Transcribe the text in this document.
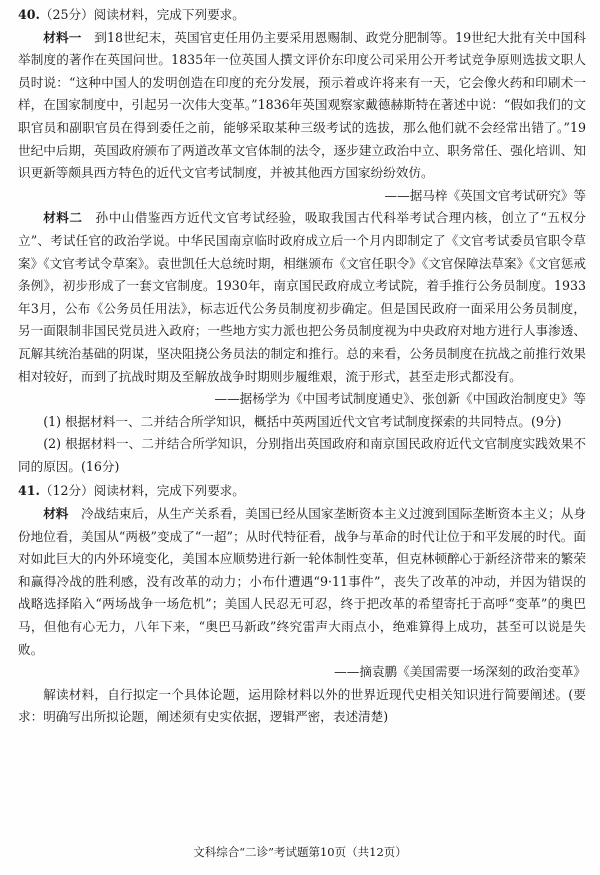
40.（25分）阅读材料，完成下列要求。

材料一　 到18世纪末，英国官吏任用仍主要采用恩赐制、政党分肥制等。19世纪大批有关中国科举制度的著作在英国问世。1835年一位英国人撰文评价东印度公司采用公开考试竞争原则选拔文职人员时说：“这种中国人的发明创造在印度的充分发展，预示着或许将来有一天，它会像火药和印刷术一样，在国家制度中，引起另一次伟大变革。”1836年英国观察家戴德赫斯特在著述中说：“假如我们的文职官员和副职官员在得到委任之前，能够采取某种三级考试的选拔，那么他们就不会经常出错了。”19世纪中后期，英国政府颁布了两道改革文官体制的法令，逐步建立政治中立、职务常任、强化培训、知识更新等颇具西方特色的近代文官考试制度，并被其他西方国家纷纷效仿。

——据马梓《英国文官考试研究》等

材料二　 孙中山借鉴西方近代文官考试经验，吸取我国古代科举考试合理内核，创立了“五权分立”、考试任官的政治学说。中华民国南京临时政府成立后一个月内即制定了《文官考试委员官职令草案》《文官考试令草案》。袁世凯任大总统时期，相继颁布《文官任职令》《文官保障法草案》《文官惩戒条例》，初步形成了一套文官制度。1930年，南京国民政府成立考试院，着手推行公务员制度。1933年3月，公布《公务员任用法》，标志近代公务员制度初步确定。但是国民政府一面采用公务员制度，另一面限制非国民党员进入政府；一些地方实力派也把公务员制度视为中央政府对地方进行人事渗透、瓦解其统治基础的阴谋，坚决阻挠公务员法的制定和推行。总的来看，公务员制度在抗战之前推行效果相对较好，而到了抗战时期及至解放战争时期则步履维艰，流于形式，甚至走形式都没有。

——据杨学为《中国考试制度通史》、张创新《中国政治制度史》等

(1) 根据材料一、二并结合所学知识，概括中英两国近代文官考试制度探索的共同特点。(9分)

(2) 根据材料一、二并结合所学知识，分别指出英国政府和南京国民政府近代文官制度实践效果不同的原因。(16分)

41.（12分）阅读材料，完成下列要求。

材料　 冷战结束后，从生产关系看，美国已经从国家垄断资本主义过渡到国际垄断资本主义；从身份地位看，美国从“两极”变成了“一超”；从时代特征看，战争与革命的时代让位于和平发展的时代。面对如此巨大的内外环境变化，美国本应顺势进行新一轮体制性变革，但克林顿醉心于新经济带来的繁荣和赢得冷战的胜利感，没有改革的动力；小布什遭遇“9·11事件”，丧失了改革的冲动，并因为错误的战略选择陷入“两场战争一场危机”；美国人民忍无可忍，终于把改革的希望寄托于高呼“变革”的奥巴马，但他有心无力，八年下来，“奥巴马新政”终究雷声大雨点小，绝难算得上成功，甚至可以说是失败。

——摘袁鹏《美国需要一场深刻的政治变革》

解读材料，自行拟定一个具体论题，运用除材料以外的世界近现代史相关知识进行简要阐述。(要求：明确写出所拟论题，阐述须有史实依据，逻辑严密，表述清楚)

文科综合“二诊”考试题第10页（共12页）
